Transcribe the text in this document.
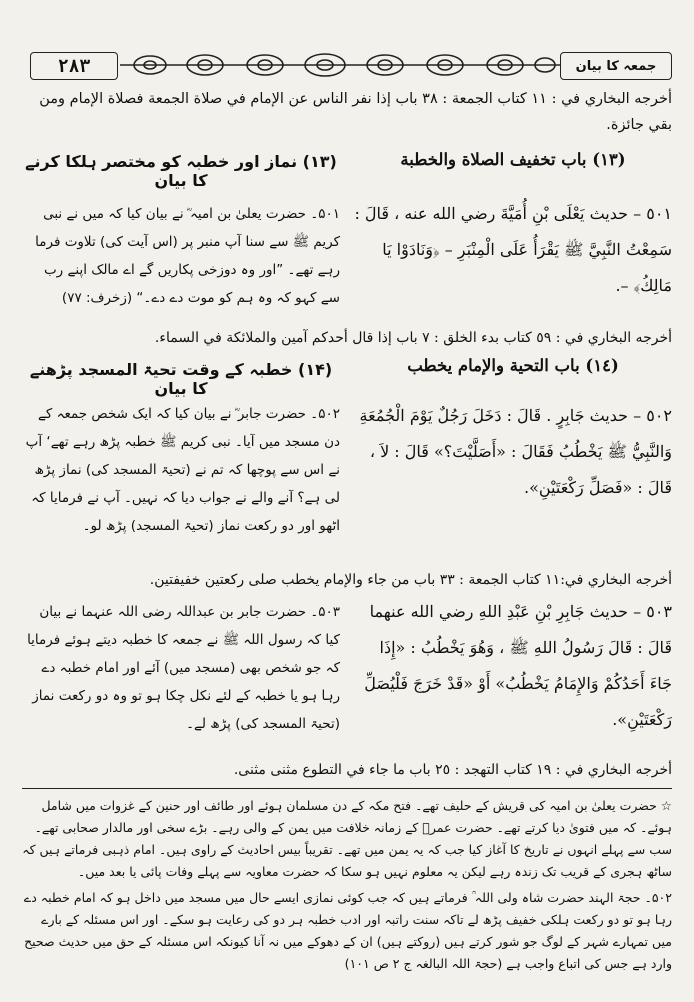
٢٨٣	جمعہ کا بیان
أخرجه البخاري في : ١١ كتاب الجمعة : ٣٨ باب إذا نفر الناس عن الإمام في صلاة الجمعة فصلاة الإمام ومن بقي جائزة.
(١٣) باب تخفيف الصلاة والخطبة
(۱۳) نماز اور خطبہ کو مختصر ہلکا کرنے کا بیان
٥٠١ – حديث يَعْلَى بْنِ أُمَيَّةَ رضي الله عنه ، قَالَ : سَمِعْتُ النَّبِيَّ ﷺ يَقْرَأُ عَلَى الْمِنْبَرِ – ﴿وَنَادَوْا يَا مَالِكُ﴾ –.
۵۰۱۔ حضرت یعلیٰ بن امیہ ؓ نے بیان کیا کہ میں نے نبی کریم ﷺ سے سنا آپ منبر پر (اس آیت کی) تلاوت فرما رہے تھے۔ ”اور وہ دوزخی پکاریں گے اے مالک اپنے رب سے کہو کہ وہ ہم کو موت دے دے۔“ (زخرف: ۷۷)
أخرجه البخاري في : ٥٩ كتاب بدء الخلق : ٧ باب إذا قال أحدكم آمين والملائكة في السماء.
(١٤) باب التحية والإمام يخطب
(۱۴) خطبہ کے وقت تحیۃ المسجد پڑھنے کا بیان
٥٠٢ – حديث جَابِرٍ . قَالَ : دَخَلَ رَجُلٌ يَوْمَ الْجُمُعَةِ وَالنَّبِيُّ ﷺ يَخْطُبُ فَقَالَ : «أَصَلَّيْتَ؟» قَالَ : لاَ ، قَالَ : «فَصَلِّ رَكْعَتَيْنِ».
۵۰۲۔ حضرت جابر ؓ نے بیان کیا کہ ایک شخص جمعہ کے دن مسجد میں آیا۔ نبی کریم ﷺ خطبہ پڑھ رہے تھے‘ آپ نے اس سے پوچھا کہ تم نے (تحیۃ المسجد کی) نماز پڑھ لی ہے؟ آنے والے نے جواب دیا کہ نہیں۔ آپ نے فرمایا کہ اٹھو اور دو رکعت نماز (تحیۃ المسجد) پڑھ لو۔
أخرجه البخاري في:١١ كتاب الجمعة : ٣٣ باب من جاء والإمام يخطب صلى ركعتين خفيفتين.
٥٠٣ – حديث جَابِرِ بْنِ عَبْدِ اللهِ رضي الله عنهما قَالَ : قَالَ رَسُولُ اللهِ ﷺ ، وَهُوَ يَخْطُبُ : «إِذَا جَاءَ أَحَدُكُمْ وَالإِمَامُ يَخْطُبُ» أَوْ «قَدْ خَرَجَ فَلْيُصَلِّ رَكْعَتَيْنِ».
۵۰۳۔ حضرت جابر بن عبداللہ رضی اللہ عنہما نے بیان کیا کہ رسول اللہ ﷺ نے جمعہ کا خطبہ دیتے ہوئے فرمایا کہ جو شخص بھی (مسجد میں) آئے اور امام خطبہ دے رہا ہو یا خطبہ کے لئے نکل چکا ہو تو وہ دو رکعت نماز (تحیۃ المسجد کی) پڑھ لے۔
أخرجه البخاري في : ١٩ كتاب التهجد : ٢٥ باب ما جاء في التطوع مثنى مثنى.
☆ حضرت یعلیٰ بن امیہ کی قریش کے حلیف تھے۔ فتح مکہ کے دن مسلمان ہوئے اور طائف اور حنین کے غزوات میں شامل ہوئے۔ کہ میں فتویٰ دیا کرتے تھے۔ حضرت عمرؓ کے زمانہ خلافت میں یمن کے والی رہے۔ بڑے سخی اور مالدار صحابی تھے۔ سب سے پہلے انہوں نے تاریخ کا آغاز کیا جب کہ یہ یمن میں تھے۔ تقریباً بیس احادیث کے راوی ہیں۔ امام ذہبی فرماتے ہیں کہ ساٹھ ہجری کے قریب تک زندہ رہے لیکن یہ معلوم نہیں ہو سکا کہ حضرت معاویہ سے پہلے وفات پائی یا بعد میں۔
۵۰۲۔ حجۃ الہند حضرت شاہ ولی اللہ ؒ فرماتے ہیں کہ جب کوئی نمازی ایسے حال میں مسجد میں داخل ہو کہ امام خطبہ دے رہا ہو تو دو رکعت ہلکی خفیف پڑھ لے تاکہ سنت راتبہ اور ادب خطبہ ہر دو کی رعایت ہو سکے۔ اور اس مسئلہ کے بارے میں تمہارے شہر کے لوگ جو شور کرتے ہیں (روکتے ہیں) ان کے دھوکے میں نہ آنا کیونکہ اس مسئلہ کے حق میں حدیث صحیح وارد ہے جس کی اتباع واجب ہے (حجۃ اللہ البالغہ ج ۲ ص ۱۰۱)
